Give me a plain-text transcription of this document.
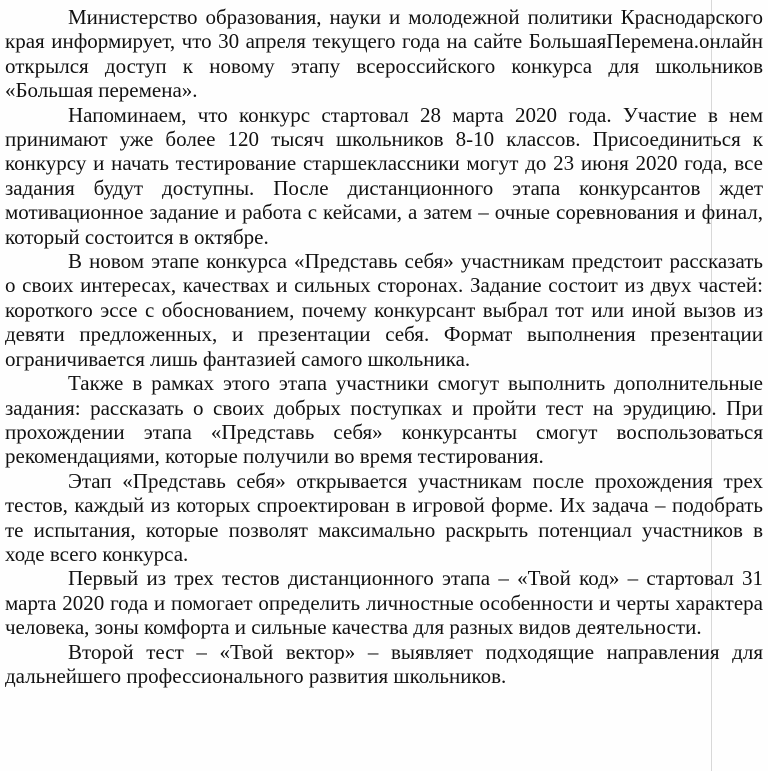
Министерство образования, науки и молодежной политики Краснодарского края информирует, что 30 апреля текущего года на сайте БольшаяПеремена.онлайн открылся доступ к новому этапу всероссийского конкурса для школьников «Большая перемена».

Напоминаем, что конкурс стартовал 28 марта 2020 года. Участие в нем принимают уже более 120 тысяч школьников 8-10 классов. Присоединиться к конкурсу и начать тестирование старшеклассники могут до 23 июня 2020 года, все задания будут доступны. После дистанционного этапа конкурсантов ждет мотивационное задание и работа с кейсами, а затем – очные соревнования и финал, который состоится в октябре.

В новом этапе конкурса «Представь себя» участникам предстоит рассказать о своих интересах, качествах и сильных сторонах. Задание состоит из двух частей: короткого эссе с обоснованием, почему конкурсант выбрал тот или иной вызов из девяти предложенных, и презентации себя. Формат выполнения презентации ограничивается лишь фантазией самого школьника.

Также в рамках этого этапа участники смогут выполнить дополнительные задания: рассказать о своих добрых поступках и пройти тест на эрудицию. При прохождении этапа «Представь себя» конкурсанты смогут воспользоваться рекомендациями, которые получили во время тестирования.

Этап «Представь себя» открывается участникам после прохождения трех тестов, каждый из которых спроектирован в игровой форме. Их задача – подобрать те испытания, которые позволят максимально раскрыть потенциал участников в ходе всего конкурса.

Первый из трех тестов дистанционного этапа – «Твой код» – стартовал 31 марта 2020 года и помогает определить личностные особенности и черты характера человека, зоны комфорта и сильные качества для разных видов деятельности.

Второй тест – «Твой вектор» – выявляет подходящие направления для дальнейшего профессионального развития школьников.
